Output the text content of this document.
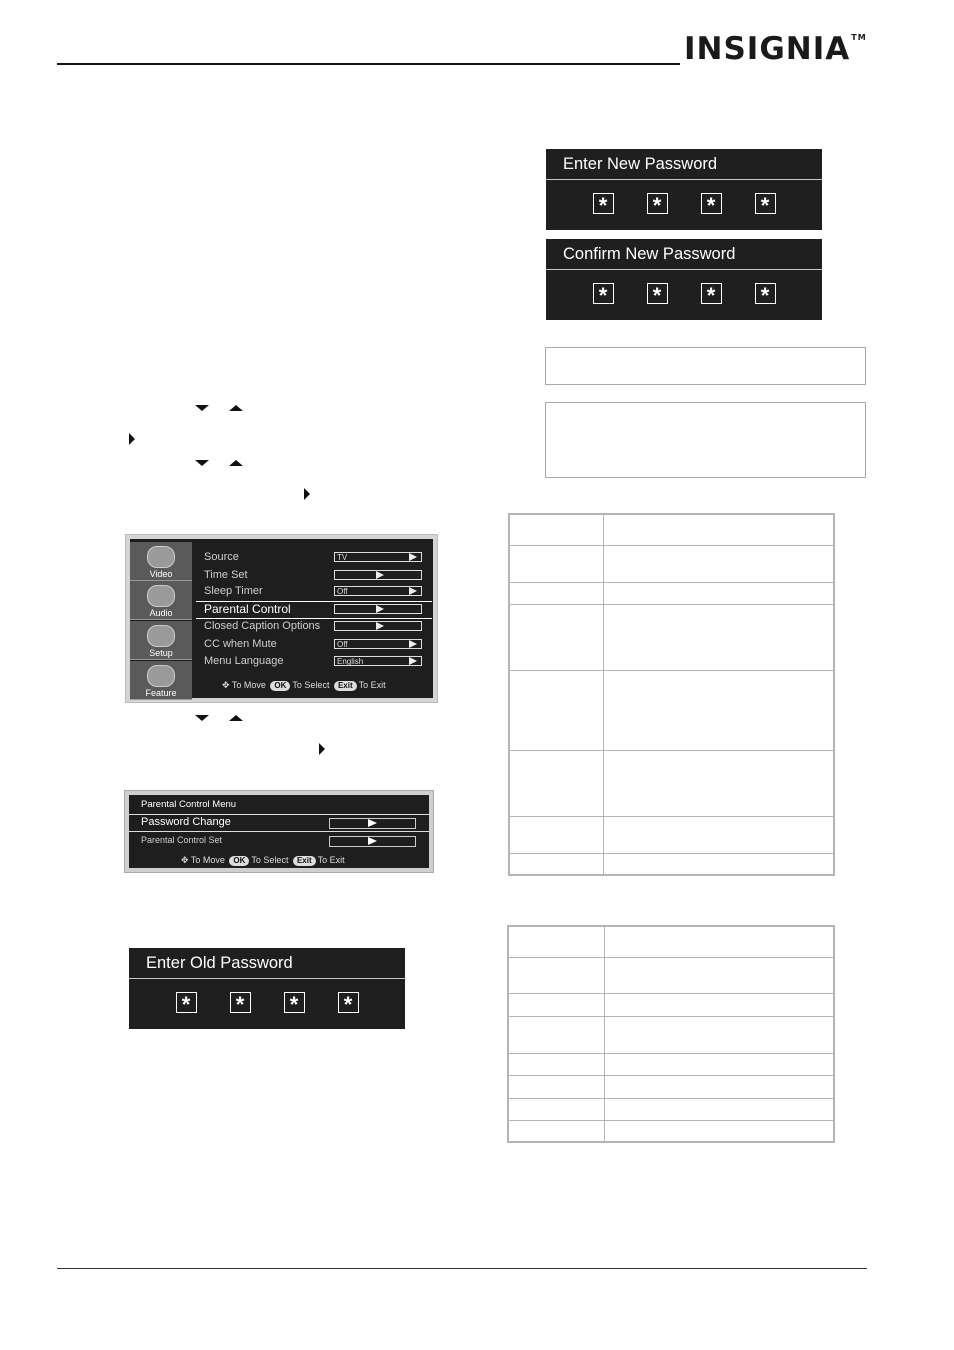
INSIGNIA™
Enter New Password
* * * *
Confirm New Password
* * * *
Video
Audio
Setup
Feature
Source	TV
Time Set
Sleep Timer	Off
Parental Control
Closed Caption Options
CC when Mute	Off
Menu Language	English
✥ To Move OK To Select Exit To Exit
Parental Control Menu
Password Change
Parental Control Set
✥ To Move OK To Select Exit To Exit
Enter Old Password
* * * *
